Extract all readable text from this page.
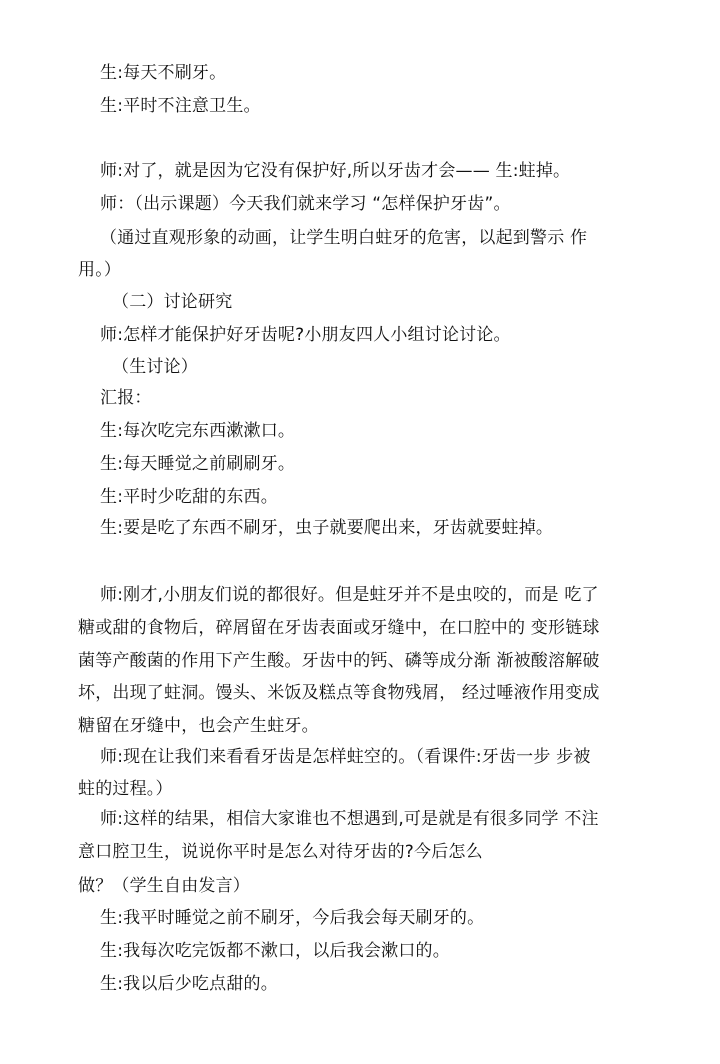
生:每天不刷牙。
生:平时不注意卫生。
师:对了，就是因为它没有保护好,所以牙齿才会—— 生:蛀掉。
师：（出示课题）今天我们就来学习 “怎样保护牙齿”。
（通过直观形象的动画，让学生明白蛀牙的危害，以起到警示 作
用。）
（二）讨论研究
师:怎样才能保护好牙齿呢?小朋友四人小组讨论讨论。
（生讨论）
汇报：
生:每次吃完东西漱漱口。
生:每天睡觉之前刷刷牙。
生:平时少吃甜的东西。
生:要是吃了东西不刷牙，虫子就要爬出来，牙齿就要蛀掉。
师:刚才,小朋友们说的都很好。但是蛀牙并不是虫咬的，而是 吃了
糖或甜的食物后，碎屑留在牙齿表面或牙缝中，在口腔中的 变形链球
菌等产酸菌的作用下产生酸。牙齿中的钙、磷等成分渐 渐被酸溶解破
坏，出现了蛀洞。馒头、米饭及糕点等食物残屑， 经过唾液作用变成
糖留在牙缝中，也会产生蛀牙。
师:现在让我们来看看牙齿是怎样蛀空的。（看课件:牙齿一步 步被
蛀的过程。）
师:这样的结果，相信大家谁也不想遇到,可是就是有很多同学 不注
意口腔卫生，说说你平时是怎么对待牙齿的?今后怎么
做？（学生自由发言）
生:我平时睡觉之前不刷牙，今后我会每天刷牙的。
生:我每次吃完饭都不漱口，以后我会漱口的。
生:我以后少吃点甜的。
